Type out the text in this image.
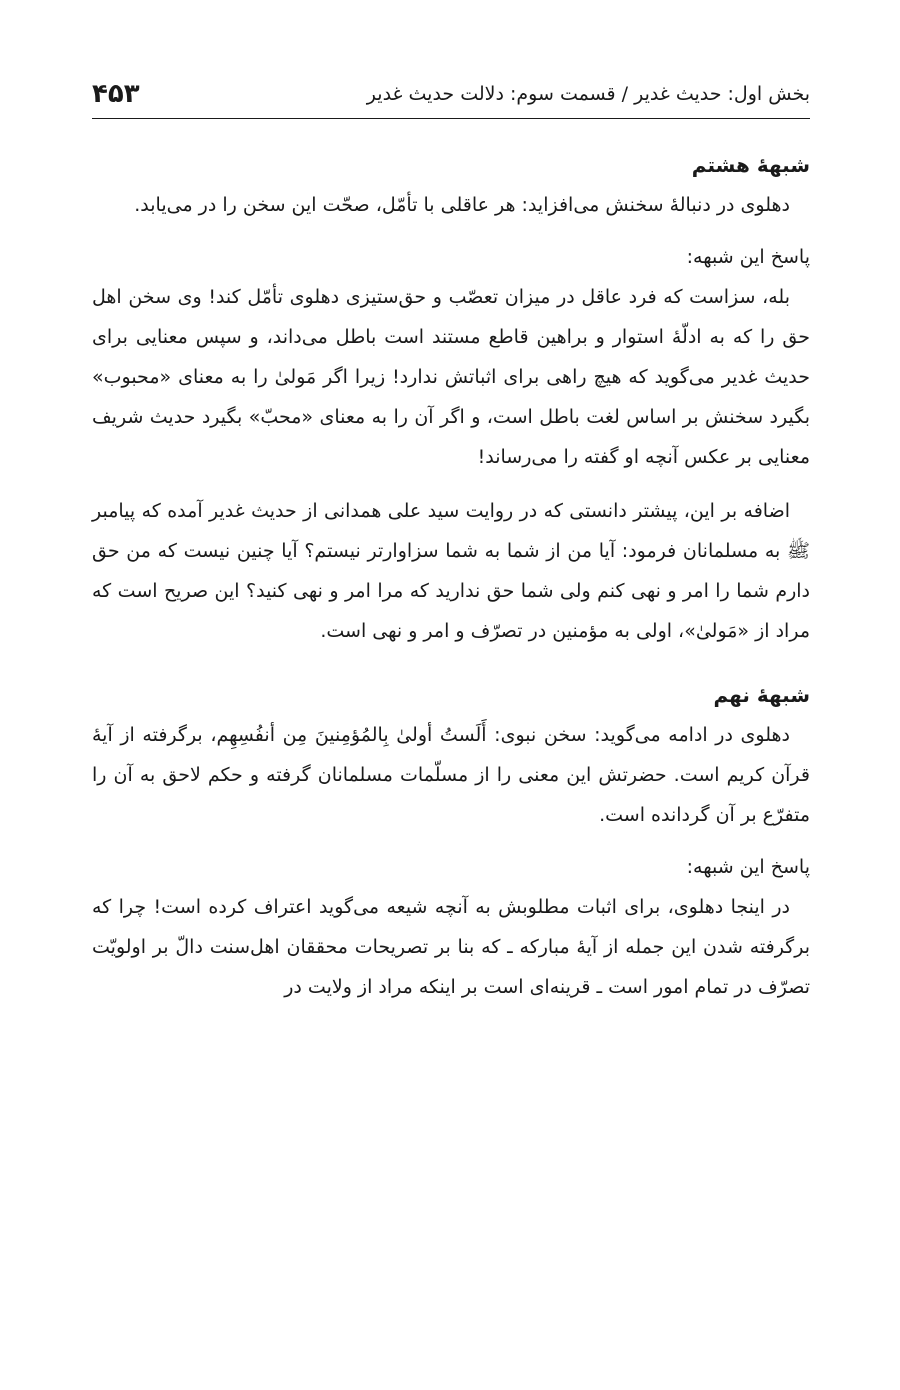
بخش اول: حدیث غدیر / قسمت سوم: دلالت حدیث غدیر
۴۵۳
شبههٔ هشتم

دهلوی در دنبالهٔ سخنش می‌افزاید: هر عاقلی با تأمّل، صحّت این سخن را در می‌یابد.

پاسخ این شبهه:

بله، سزاست که فرد عاقل در میزان تعصّب و حق‌ستیزی دهلوی تأمّل کند! وی سخن اهل حق را که به ادلّهٔ استوار و براهین قاطع مستند است باطل می‌داند، و سپس معنایی برای حدیث غدیر می‌گوید که هیچ راهی برای اثباتش ندارد! زیرا اگر مَولیٰ را به معنای «محبوب» بگیرد سخنش بر اساس لغت باطل است، و اگر آن را به معنای «محبّ» بگیرد حدیث شریف معنایی بر عکس آنچه او گفته را می‌رساند!

اضافه بر این، پیشتر دانستی که در روایت سید علی همدانی از حدیث غدیر آمده که پیامبر ﷺ به مسلمانان فرمود: آیا من از شما به شما سزاوارتر نیستم؟ آیا چنین نیست که من حق دارم شما را امر و نهی کنم ولی شما حق ندارید که مرا امر و نهی کنید؟ این صریح است که مراد از «مَولیٰ»، اولی به مؤمنین در تصرّف و امر و نهی است.

شبههٔ نهم

دهلوی در ادامه می‌گوید: سخن نبوی: أَلَستُ أولیٰ بِالمُؤمِنینَ مِن أنفُسِهِم، برگرفته از آیهٔ قرآن کریم است. حضرتش این معنی را از مسلّمات مسلمانان گرفته و حکم لاحق به آن را متفرّع بر آن گردانده است.

پاسخ این شبهه:

در اینجا دهلوی، برای اثبات مطلوبش به آنچه شیعه می‌گوید اعتراف کرده است! چرا که برگرفته شدن این جمله از آیهٔ مبارکه ـ که بنا بر تصریحات محققان اهل‌سنت دالّ بر اولویّت تصرّف در تمام امور است ـ قرینه‌ای است بر اینکه مراد از ولایت در
